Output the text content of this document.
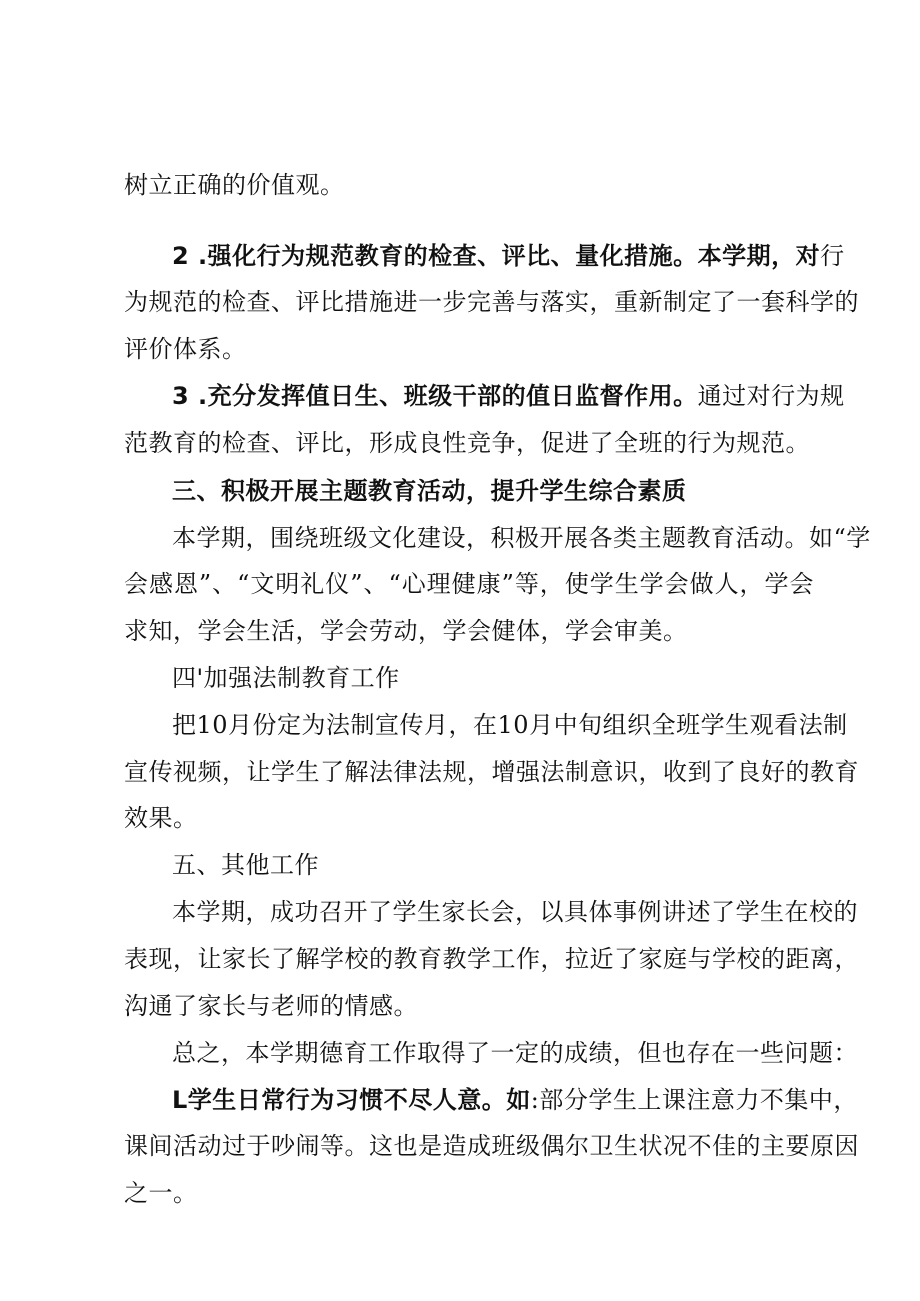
树立正确的价值观。
2 .强化行为规范教育的检查、评比、量化措施。本学期，对行
为规范的检查、评比措施进一步完善与落实，重新制定了一套科学的
评价体系。
3 .充分发挥值日生、班级干部的值日监督作用。通过对行为规
范教育的检查、评比，形成良性竞争，促进了全班的行为规范。
三、积极开展主题教育活动，提升学生综合素质
本学期，围绕班级文化建设，积极开展各类主题教育活动。如“学
会感恩”、“文明礼仪”、“心理健康”等，使学生学会做人，学会
求知，学会生活，学会劳动，学会健体，学会审美。
四'加强法制教育工作
把10月份定为法制宣传月，在10月中旬组织全班学生观看法制
宣传视频，让学生了解法律法规，增强法制意识，收到了良好的教育
效果。
五、其他工作
本学期，成功召开了学生家长会，以具体事例讲述了学生在校的
表现，让家长了解学校的教育教学工作，拉近了家庭与学校的距离，
沟通了家长与老师的情感。
总之，本学期德育工作取得了一定的成绩，但也存在一些问题：
L学生日常行为习惯不尽人意。如:部分学生上课注意力不集中，
课间活动过于吵闹等。这也是造成班级偶尔卫生状况不佳的主要原因
之一。
